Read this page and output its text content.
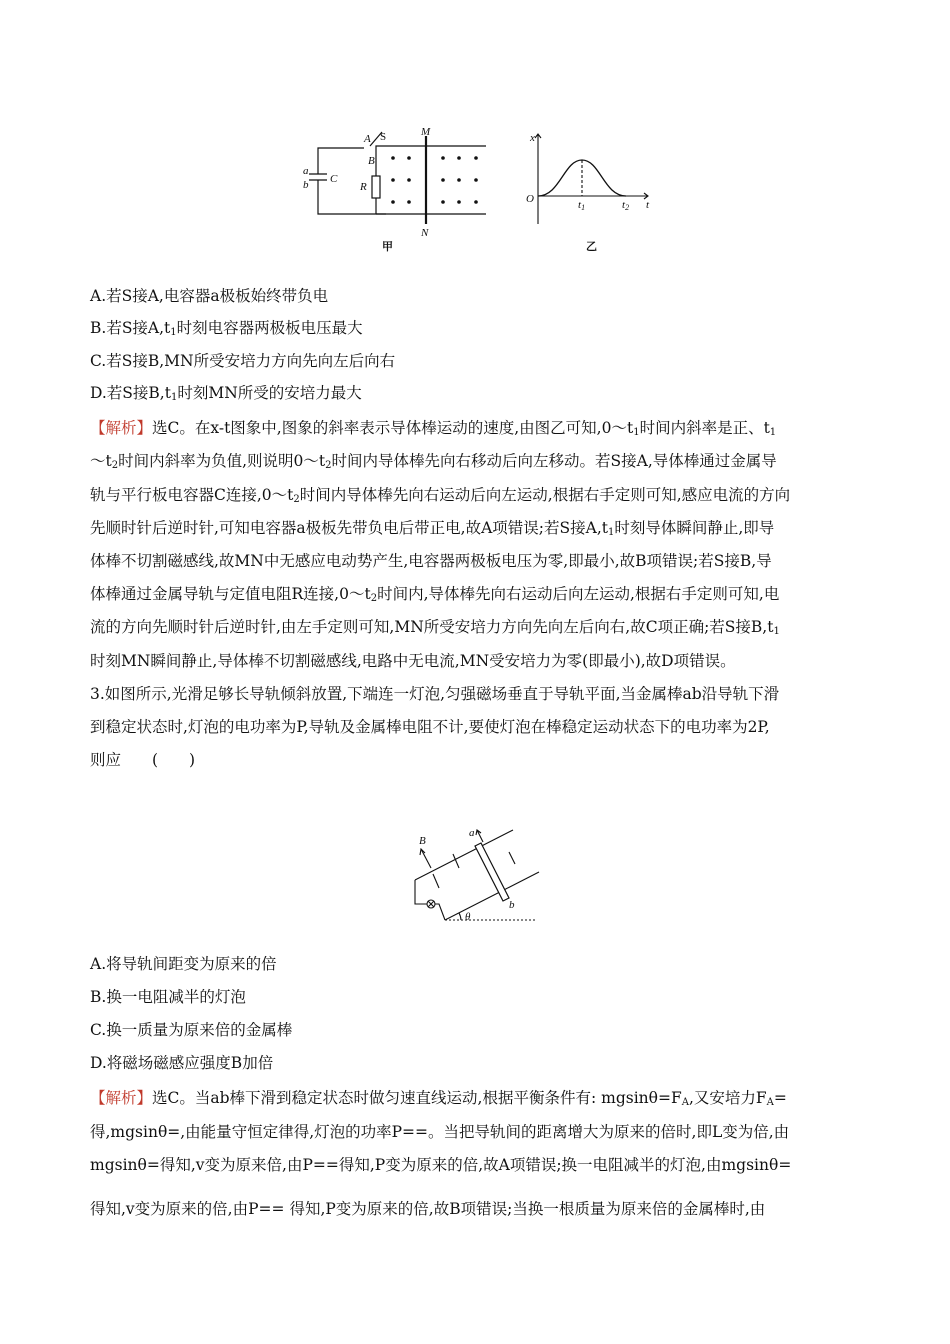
a
b C
A
B
R
M
N
S
甲
x
t
O	t1	t2
乙
A.若S接A,电容器a极板始终带负电
B.若S接$A,t_1$时刻电容器两极板电压最大
C.若S接B,MN所受安培力方向先向左后向右
D.若S接$B,t_1$时刻MN所受的安培力最大
【解析】选C。在x-t图象中,图象的斜率表示导体棒运动的速度,由图乙可知$,0\sim t_1$时间内斜率是正、$t_1$
$\sim t_2$时间内斜率为负值,则说明$0\sim t_2$时间内导体棒先向右移动后向左移动。若S接A,导体棒通过金属导
轨与平行板电容器C连接$,0\sim t_2$时间内导体棒先向右运动后向左运动,根据右手定则可知,感应电流的方向
先顺时针后逆时针,可知电容器a极板先带负电后带正电,故A项错误;若S接$A,t_1$时刻导体瞬间静止,即导
体棒不切割磁感线,故MN中无感应电动势产生,电容器两极板电压为零,即最小,故B项错误;若S接B,导
体棒通过金属导轨与定值电阻R连接$,0\sim t_2$时间内,导体棒先向右运动后向左运动,根据右手定则可知,电
流的方向先顺时针后逆时针,由左手定则可知,MN所受安培力方向先向左后向右,故C项正确;若S接$B,t_1$
时刻MN瞬间静止,导体棒不切割磁感线,电路中无电流,MN受安培力为零(即最小),故D项错误。
3.如图所示,光滑足够长导轨倾斜放置,下端连一灯泡,匀强磁场垂直于导轨平面,当金属棒ab沿导轨下滑
到稳定状态时,灯泡的电功率为P,导轨及金属棒电阻不计,要使灯泡在棒稳定运动状态下的电功率为2P,
则应　　(　　)
B
a
b
θ
A.将导轨间距变为原来的倍
B.换一电阻减半的灯泡
C.换一质量为原来倍的金属棒
D.将磁场磁感应强度B加倍
【解析】选C。当ab棒下滑到稳定状态时做匀速直线运动,根据平衡条件有: $mgsin\theta=F_A$,又安培力$F_A=$
得,mgsinθ=,由能量守恒定律得,灯泡的功率P==。当把导轨间的距离增大为原来的倍时,即L变为倍,由
mgsinθ=得知,v变为原来倍,由P==得知,P变为原来的倍,故A项错误;换一电阻减半的灯泡,由mgsinθ=
得知,v变为原来的倍,由P== 得知,P变为原来的倍,故B项错误;当换一根质量为原来倍的金属棒时,由
